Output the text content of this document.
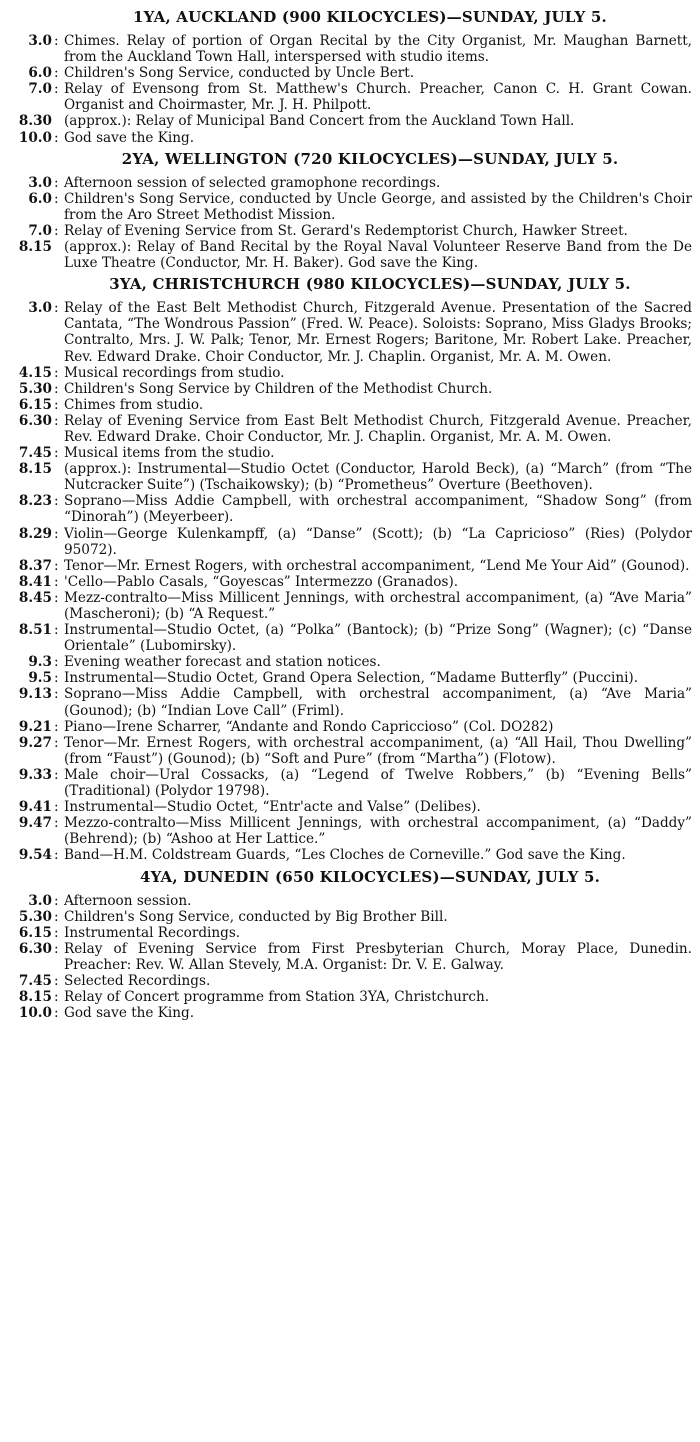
1YA, AUCKLAND (900 KILOCYCLES)—SUNDAY, JULY 5.
3.0 : Chimes. Relay of portion of Organ Recital by the City Organist, Mr. Maughan Barnett, from the Auckland Town Hall, interspersed with studio items.
6.0 : Children's Song Service, conducted by Uncle Bert.
7.0 : Relay of Evensong from St. Matthew's Church. Preacher, Canon C. H. Grant Cowan. Organist and Choirmaster, Mr. J. H. Philpott.
8.30 (approx.): Relay of Municipal Band Concert from the Auckland Town Hall.
10.0 : God save the King.
2YA, WELLINGTON (720 KILOCYCLES)—SUNDAY, JULY 5.
3.0 : Afternoon session of selected gramophone recordings.
6.0 : Children's Song Service, conducted by Uncle George, and assisted by the Children's Choir from the Aro Street Methodist Mission.
7.0 : Relay of Evening Service from St. Gerard's Redemptorist Church, Hawker Street.
8.15 (approx.): Relay of Band Recital by the Royal Naval Volunteer Reserve Band from the De Luxe Theatre (Conductor, Mr. H. Baker). God save the King.
3YA, CHRISTCHURCH (980 KILOCYCLES)—SUNDAY, JULY 5.
3.0 : Relay of the East Belt Methodist Church, Fitzgerald Avenue. Presentation of the Sacred Cantata, “The Wondrous Passion” (Fred. W. Peace). Soloists: Soprano, Miss Gladys Brooks; Contralto, Mrs. J. W. Palk; Tenor, Mr. Ernest Rogers; Baritone, Mr. Robert Lake. Preacher, Rev. Edward Drake. Choir Conductor, Mr. J. Chaplin. Organist, Mr. A. M. Owen.
4.15 : Musical recordings from studio.
5.30 : Children's Song Service by Children of the Methodist Church.
6.15 : Chimes from studio.
6.30 : Relay of Evening Service from East Belt Methodist Church, Fitzgerald Avenue. Preacher, Rev. Edward Drake. Choir Conductor, Mr. J. Chaplin. Organist, Mr. A. M. Owen.
7.45 : Musical items from the studio.
8.15 (approx.): Instrumental—Studio Octet (Conductor, Harold Beck), (a) “March” (from “The Nutcracker Suite”) (Tschaikowsky); (b) “Prometheus” Overture (Beethoven).
8.23 : Soprano—Miss Addie Campbell, with orchestral accompaniment, “Shadow Song” (from “Dinorah”) (Meyerbeer).
8.29 : Violin—George Kulenkampff, (a) “Danse” (Scott); (b) “La Capricioso” (Ries) (Polydor 95072).
8.37 : Tenor—Mr. Ernest Rogers, with orchestral accompaniment, “Lend Me Your Aid” (Gounod).
8.41 : 'Cello—Pablo Casals, “Goyescas” Intermezzo (Granados).
8.45 : Mezz-contralto—Miss Millicent Jennings, with orchestral accompaniment, (a) “Ave Maria” (Mascheroni); (b) “A Request.”
8.51 : Instrumental—Studio Octet, (a) “Polka” (Bantock); (b) “Prize Song” (Wagner); (c) “Danse Orientale” (Lubomirsky).
9.3 : Evening weather forecast and station notices.
9.5 : Instrumental—Studio Octet, Grand Opera Selection, “Madame Butterfly” (Puccini).
9.13 : Soprano—Miss Addie Campbell, with orchestral accompaniment, (a) “Ave Maria” (Gounod); (b) “Indian Love Call” (Friml).
9.21 : Piano—Irene Scharrer, “Andante and Rondo Capriccioso” (Col. DO282)
9.27 : Tenor—Mr. Ernest Rogers, with orchestral accompaniment, (a) “All Hail, Thou Dwelling” (from “Faust”) (Gounod); (b) “Soft and Pure” (from “Martha”) (Flotow).
9.33 : Male choir—Ural Cossacks, (a) “Legend of Twelve Robbers,” (b) “Evening Bells” (Traditional) (Polydor 19798).
9.41 : Instrumental—Studio Octet, “Entr'acte and Valse” (Delibes).
9.47 : Mezzo-contralto—Miss Millicent Jennings, with orchestral accompaniment, (a) “Daddy” (Behrend); (b) “Ashoo at Her Lattice.”
9.54 : Band—H.M. Coldstream Guards, “Les Cloches de Corneville.” God save the King.
4YA, DUNEDIN (650 KILOCYCLES)—SUNDAY, JULY 5.
3.0 : Afternoon session.
5.30 : Children's Song Service, conducted by Big Brother Bill.
6.15 : Instrumental Recordings.
6.30 : Relay of Evening Service from First Presbyterian Church, Moray Place, Dunedin. Preacher: Rev. W. Allan Stevely, M.A. Organist: Dr. V. E. Galway.
7.45 : Selected Recordings.
8.15 : Relay of Concert programme from Station 3YA, Christchurch.
10.0 : God save the King.
